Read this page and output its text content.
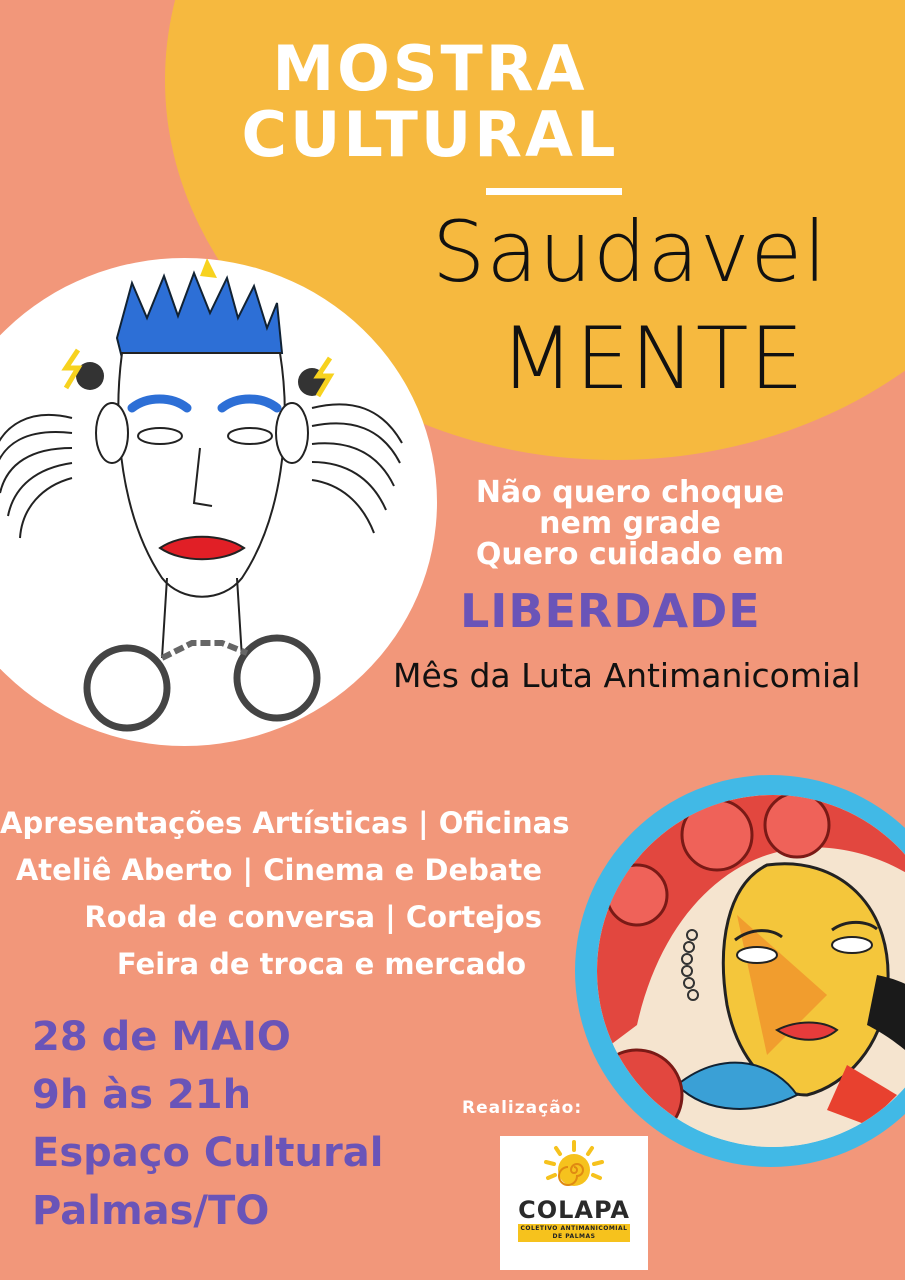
MOSTRA
CULTURAL
Saudavel
MENTE
Não quero choque
nem grade
Quero cuidado em
LIBERDADE
Mês da Luta Antimanicomial
Apresentações Artísticas | Oficinas
Ateliê Aberto | Cinema e Debate
Roda de conversa | Cortejos
Feira de troca e mercado
28 de MAIO
9h às 21h
Espaço Cultural
Palmas/TO
Realização:
COLAPA
COLETIVO ANTIMANICOMIAL
DE PALMAS
